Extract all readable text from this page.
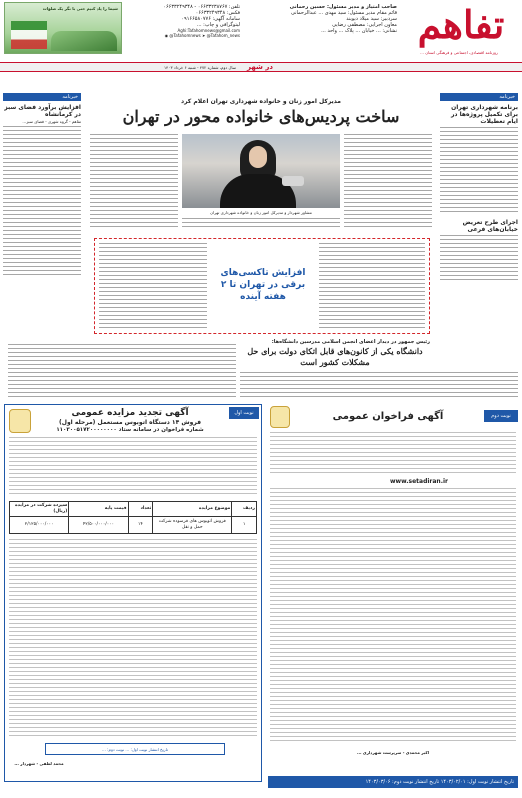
تفاهم
روزنامه اقتصادی، اجتماعی و فرهنگی استان ...
صاحب امتیاز و مدیر مسئول: حسین رحمانی
قائم مقام مدیر مسئول: سید مهدی ... عبدالرحمانی
سردبیر: سید میلاد دیوبند
معاون اجرایی: مصطفی رضایی
نشانی: ... خیابان ... پلاک ... واحد ...
تلفن: ۰۶۶۳۳۲۳۸۷۶۷ - ۰۶۶۳۳۲۴۹۳۴۸
فکس: ۰۶۶۳۳۲۴۹۳۴۸
سامانه آگهی: ۰۹۱۶۶۵۸۰۷۷۶
لیتوگرافی و چاپ: ...
Aghi:Tafahomnews@gmail.com
◉ @Tafahomnews ➤ @Tafahom_news
شیما را پاد کنیم حتی با نگر یک صلوات
سال دوم، شماره ۴۷۲ - شنبه ۶ خرداد ۱۴۰۳	در شهر
خبرنامه
افزایش برآورد فضای سبز در کرمانشاه
تفاهم - گروه شهری - فضای سبز...
خبرنامه
برنامه شهرداری تهران برای تکمیل پروژه‌ها در ایام تعطیلات
اجرای طرح تعریض خیابان‌های فرعی
مدیرکل امور زنان و خانواده شهرداری تهران اعلام کرد
ساخت پردیس‌های خانواده محور در تهران
مشاور شهردار و مدیرکل امور زنان و خانواده شهرداری تهران
افزایش تاکسی‌های برقی در تهران تا ۲ هفته آینده
رئیس جمهور در دیدار اعضای انجمن اسلامی مدرسین دانشگاه‌ها:
دانشگاه یکی از کانون‌های قابل اتکای دولت برای حل مشکلات کشور است
نوبت اول
آگهی تجدید مزایده عمومی
فروش ۱۴ دستگاه اتوبوس مستعمل (مرحله اول)
شماره فراخوان در سامانه ستاد ۱۱۰۳۰۰۵۱۷۲۰۰۰۰۰۰۰۰
ردیف	موضوع مزایده	تعداد	قیمت پایه	سپرده شرکت در مزایده (ریال)
۱	فروش اتوبوس های فرسوده شرکت حمل و نقل	۱۴	۴۲/۵۰۰/۰۰۰/۰۰۰	۲/۱۲۵/۰۰۰/۰۰۰
تاریخ انتشار نوبت اول: ... نوبت دوم: ...
محمد لطفی - شهردار ...
نوبت دوم
آگهی فراخوان عمومی
www.setadiran.ir
اکبر محمدی - سرپرست شهرداری ...
تاریخ انتشار نوبت اول: ۱۴۰۳/۰۲/۰۱ تاریخ انتشار نوبت دوم: ۱۴۰۳/۰۳/۰۶
